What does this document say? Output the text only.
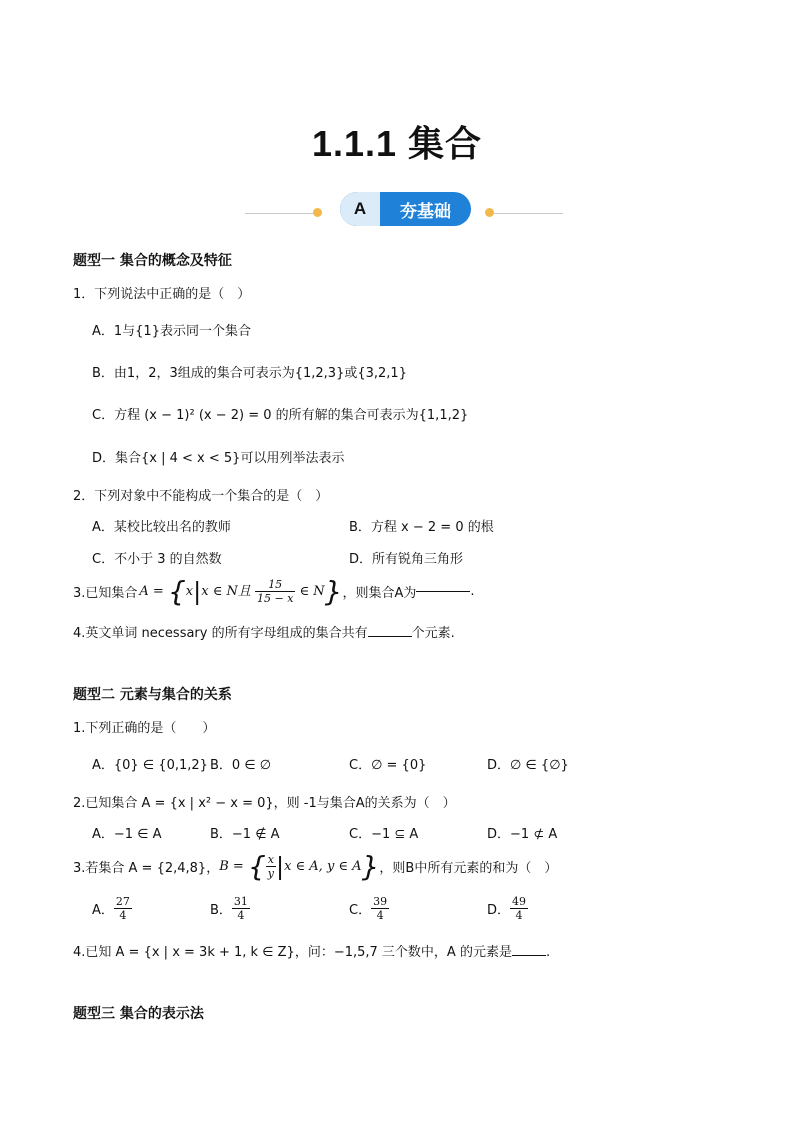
1.1.1 集合
A	夯基础
题型一 集合的概念及特征
1．下列说法中正确的是（　）
A．1与{1}表示同一个集合
B．由1，2，3组成的集合可表示为{1,2,3}或{3,2,1}
C．方程 (x − 1)² (x − 2) = 0 的所有解的集合可表示为{1,1,2}
D．集合{x | 4 < x < 5}可以用列举法表示
2．下列对象中不能构成一个集合的是（　）
A．某校比较出名的教师	B．方程 x − 2 = 0 的根
C．不小于 3 的自然数	D．所有锐角三角形
3.已知集合 A = {x|x ∈ N且 $\frac{15}{15 - x}$ ∈ N} ，则集合A为	.
4.英文单词 necessary 的所有字母组成的集合共有	个元素.
题型二 元素与集合的关系
1.下列正确的是（　　）
A．{0} ∈ {0,1,2} B．0 ∈ ∅	C．∅ = {0}	D．∅ ∈ {∅}
2.已知集合 A = {x | x² − x = 0}，则 -1与集合A的关系为（　）
A．−1 ∈ A	B．−1 ∉ A	C．−1 ⊆ A	D．−1 ⊄ A
3.若集合 A = {2,4,8}， B = { $\frac{x}{y} |x$ ∈ A, y ∈ A} ，则B中所有元素的和为（　）
A． $\frac{27}{4}$	B． $\frac{31}{4}$	C． $\frac{39}{4}$	D． $\frac{49}{4}$
4.已知 A = {x | x = 3k + 1, k ∈ Z}，问：−1,5,7 三个数中，A 的元素是	.
题型三 集合的表示法
